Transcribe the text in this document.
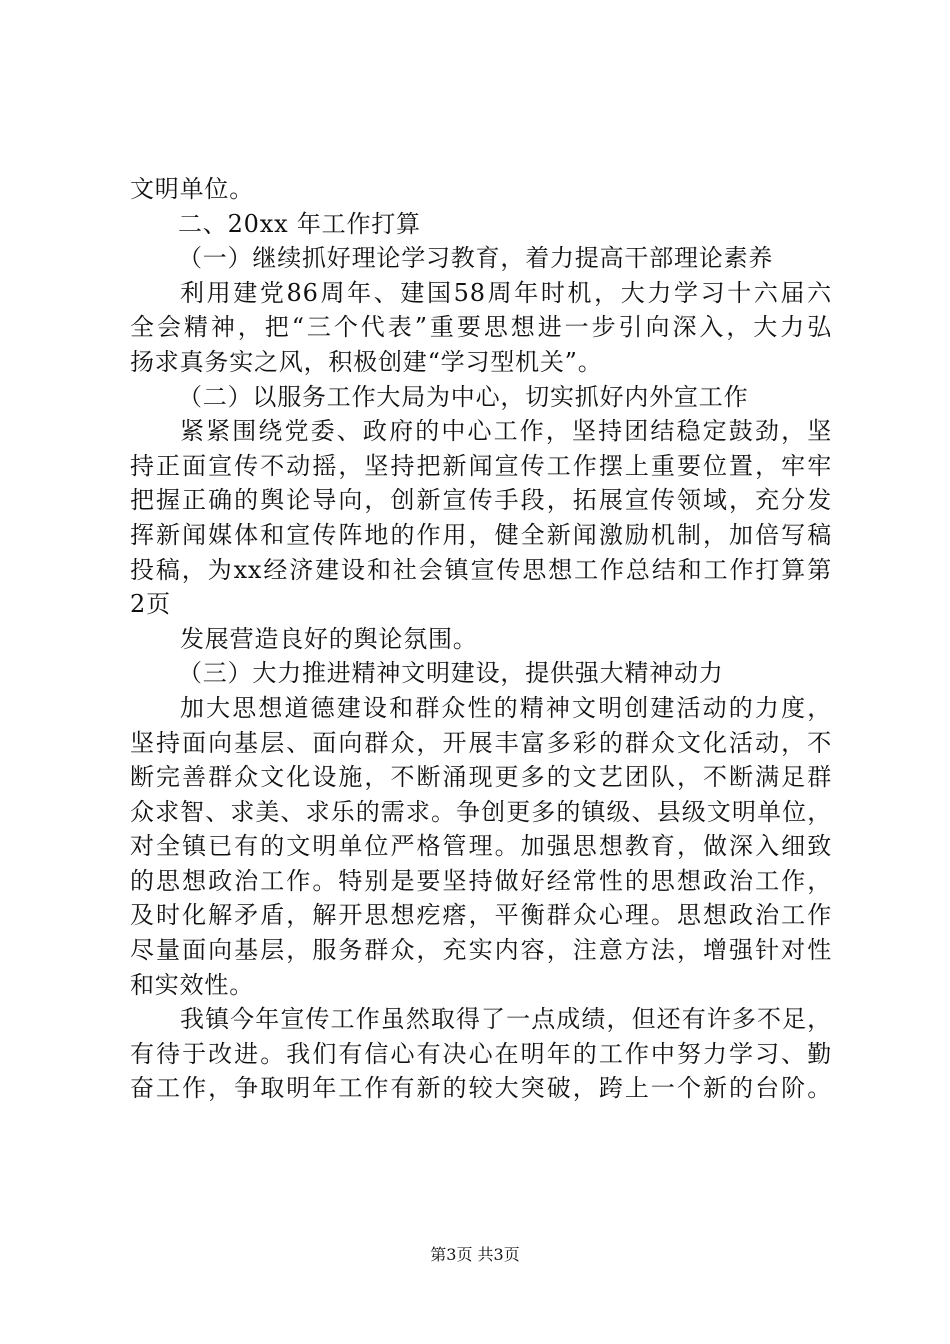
文明单位。
二、20xx 年工作打算
（一）继续抓好理论学习教育，着力提高干部理论素养
利用建党86周年、建国58周年时机，大力学习十六届六
全会精神，把“三个代表”重要思想进一步引向深入，大力弘
扬求真务实之风，积极创建“学习型机关”。
（二）以服务工作大局为中心，切实抓好内外宣工作
紧紧围绕党委、政府的中心工作，坚持团结稳定鼓劲，坚
持正面宣传不动摇，坚持把新闻宣传工作摆上重要位置，牢牢
把握正确的舆论导向，创新宣传手段，拓展宣传领域，充分发
挥新闻媒体和宣传阵地的作用，健全新闻激励机制，加倍写稿
投稿，为xx经济建设和社会镇宣传思想工作总结和工作打算第
2页
发展营造良好的舆论氛围。
（三）大力推进精神文明建设，提供强大精神动力
加大思想道德建设和群众性的精神文明创建活动的力度，
坚持面向基层、面向群众，开展丰富多彩的群众文化活动，不
断完善群众文化设施，不断涌现更多的文艺团队，不断满足群
众求智、求美、求乐的需求。争创更多的镇级、县级文明单位，
对全镇已有的文明单位严格管理。加强思想教育，做深入细致
的思想政治工作。特别是要坚持做好经常性的思想政治工作，
及时化解矛盾，解开思想疙瘩，平衡群众心理。思想政治工作
尽量面向基层，服务群众，充实内容，注意方法，增强针对性
和实效性。
我镇今年宣传工作虽然取得了一点成绩，但还有许多不足，
有待于改进。我们有信心有决心在明年的工作中努力学习、勤
奋工作，争取明年工作有新的较大突破，跨上一个新的台阶。
第3页 共3页
